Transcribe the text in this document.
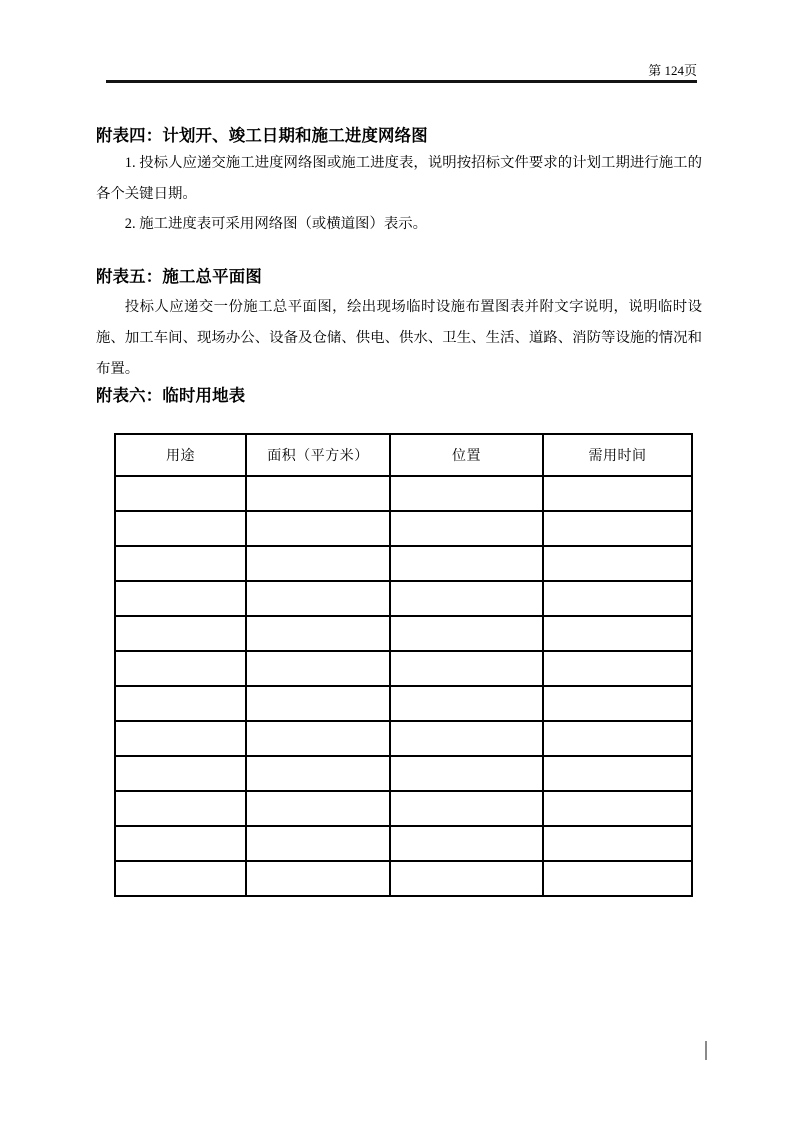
第 124页
附表四：计划开、竣工日期和施工进度网络图

1. 投标人应递交施工进度网络图或施工进度表，说明按招标文件要求的计划工期进行施工的各个关键日期。

2. 施工进度表可采用网络图（或横道图）表示。

附表五：施工总平面图

投标人应递交一份施工总平面图，绘出现场临时设施布置图表并附文字说明，说明临时设施、加工车间、现场办公、设备及仓储、供电、供水、卫生、生活、道路、消防等设施的情况和布置。

附表六：临时用地表
用途	面积（平方米）	位置	需用时间
